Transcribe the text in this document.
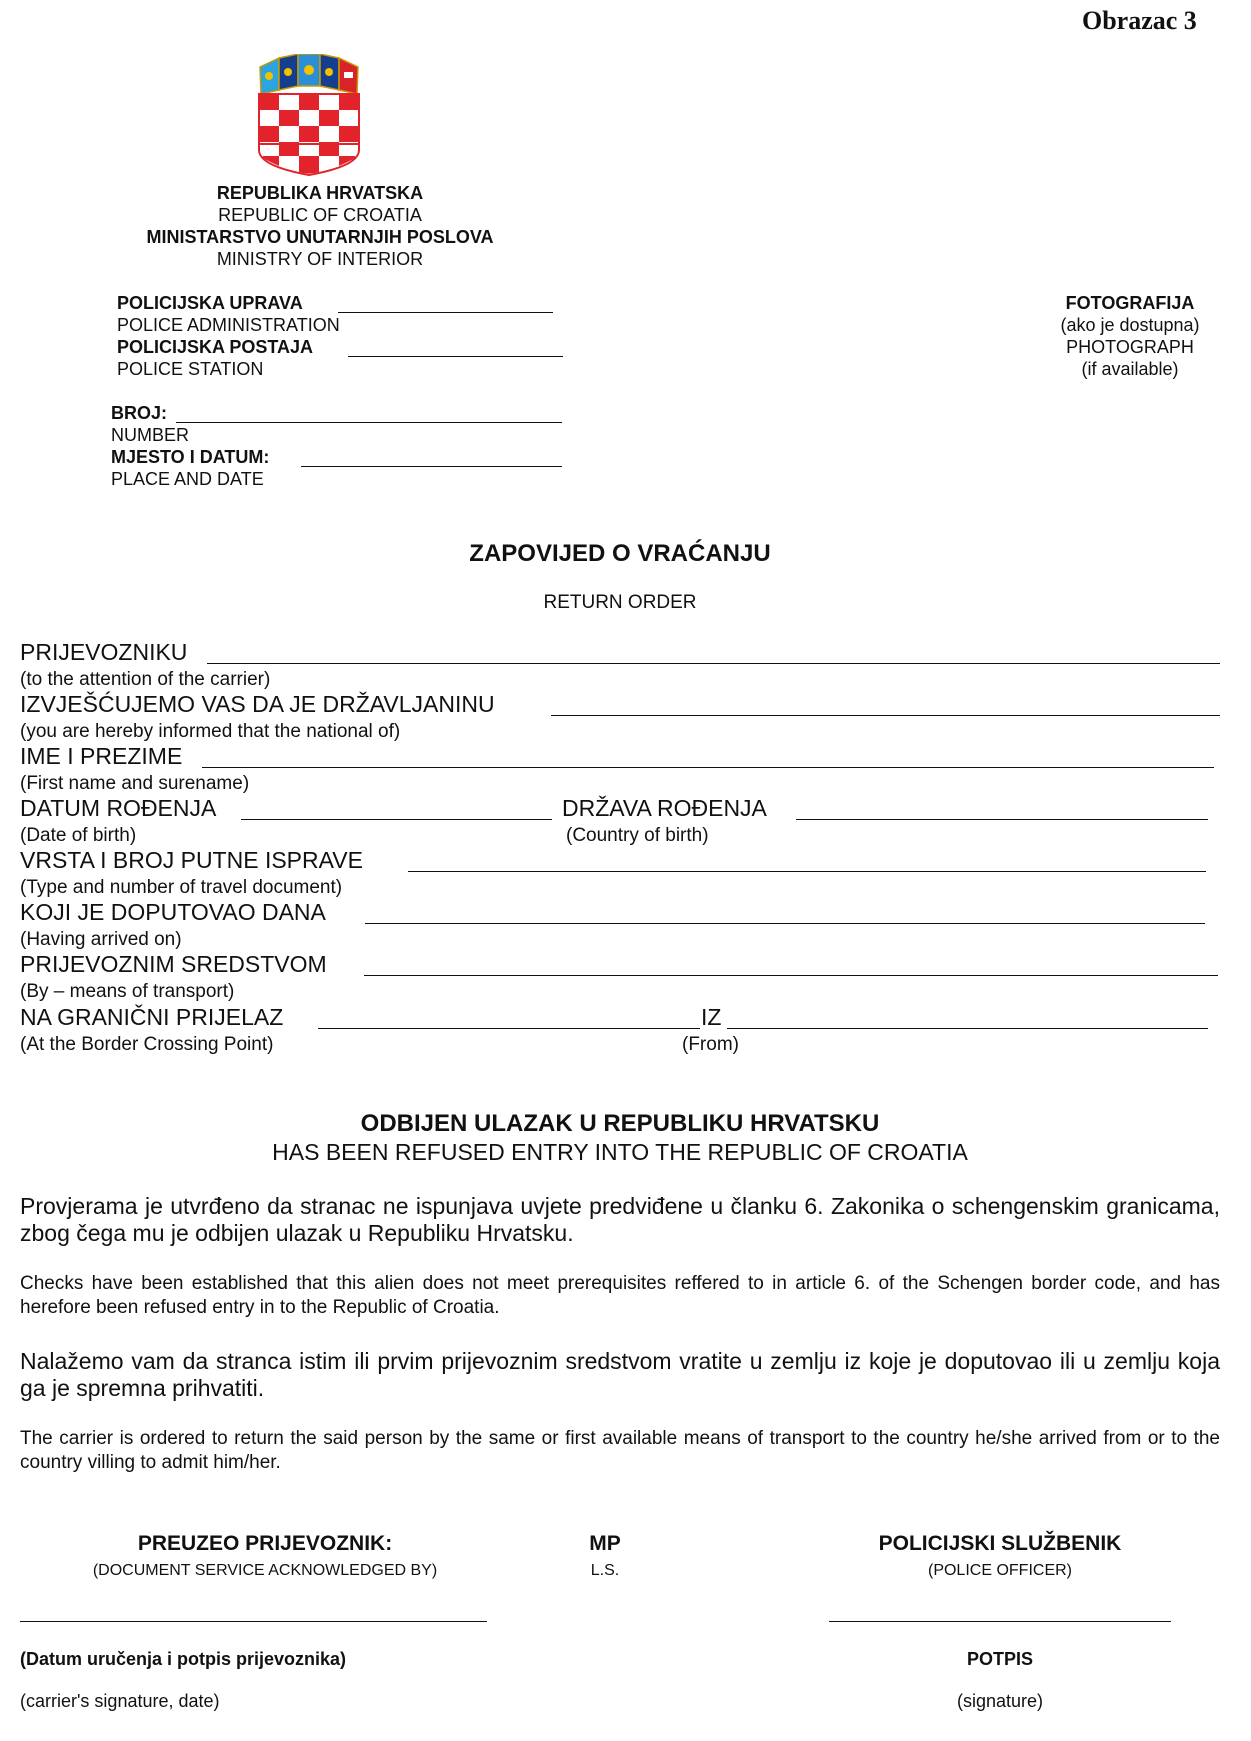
Obrazac 3
REPUBLIKA HRVATSKA
REPUBLIC OF CROATIA
MINISTARSTVO UNUTARNJIH POSLOVA
MINISTRY OF INTERIOR
POLICIJSKA UPRAVA
POLICE ADMINISTRATION
POLICIJSKA POSTAJA
POLICE STATION
FOTOGRAFIJA
(ako je dostupna)
PHOTOGRAPH
(if available)
BROJ:
NUMBER
MJESTO I DATUM:
PLACE AND DATE
ZAPOVIJED O VRAĆANJU
RETURN ORDER
PRIJEVOZNIKU
(to the attention of the carrier)
IZVJEŠĆUJEMO VAS DA JE DRŽAVLJANINU
(you are hereby informed that the national of)
IME I PREZIME
(First name and surename)
DATUM ROĐENJA	DRŽAVA ROĐENJA
(Date of birth)	(Country of birth)
VRSTA I BROJ PUTNE ISPRAVE
(Type and number of travel document)
KOJI JE DOPUTOVAO DANA
(Having arrived on)
PRIJEVOZNIM SREDSTVOM
(By – means of transport)
NA GRANIČNI PRIJELAZ	IZ
(At the Border Crossing Point)	(From)
ODBIJEN ULAZAK U REPUBLIKU HRVATSKU
HAS BEEN REFUSED ENTRY INTO THE REPUBLIC OF CROATIA
Provjerama je utvrđeno da stranac ne ispunjava uvjete predviđene u članku 6. Zakonika o schengenskim granicama, zbog čega mu je odbijen ulazak u Republiku Hrvatsku.
Checks have been established that this alien does not meet prerequisites reffered to in article 6. of the Schengen border code, and has herefore been refused entry in to the Republic of Croatia.
Nalažemo vam da stranca istim ili prvim prijevoznim sredstvom vratite u zemlju iz koje je doputovao ili u zemlju koja ga je spremna prihvatiti.
The carrier is ordered to return the said person by the same or first available means of transport to the country he/she arrived from or to the country villing to admit him/her.
PREUZEO PRIJEVOZNIK:
(DOCUMENT SERVICE ACKNOWLEDGED BY)
MP
L.S.
POLICIJSKI SLUŽBENIK
(POLICE OFFICER)
(Datum uručenja i potpis prijevoznika)
(carrier's signature, date)
POTPIS
(signature)
